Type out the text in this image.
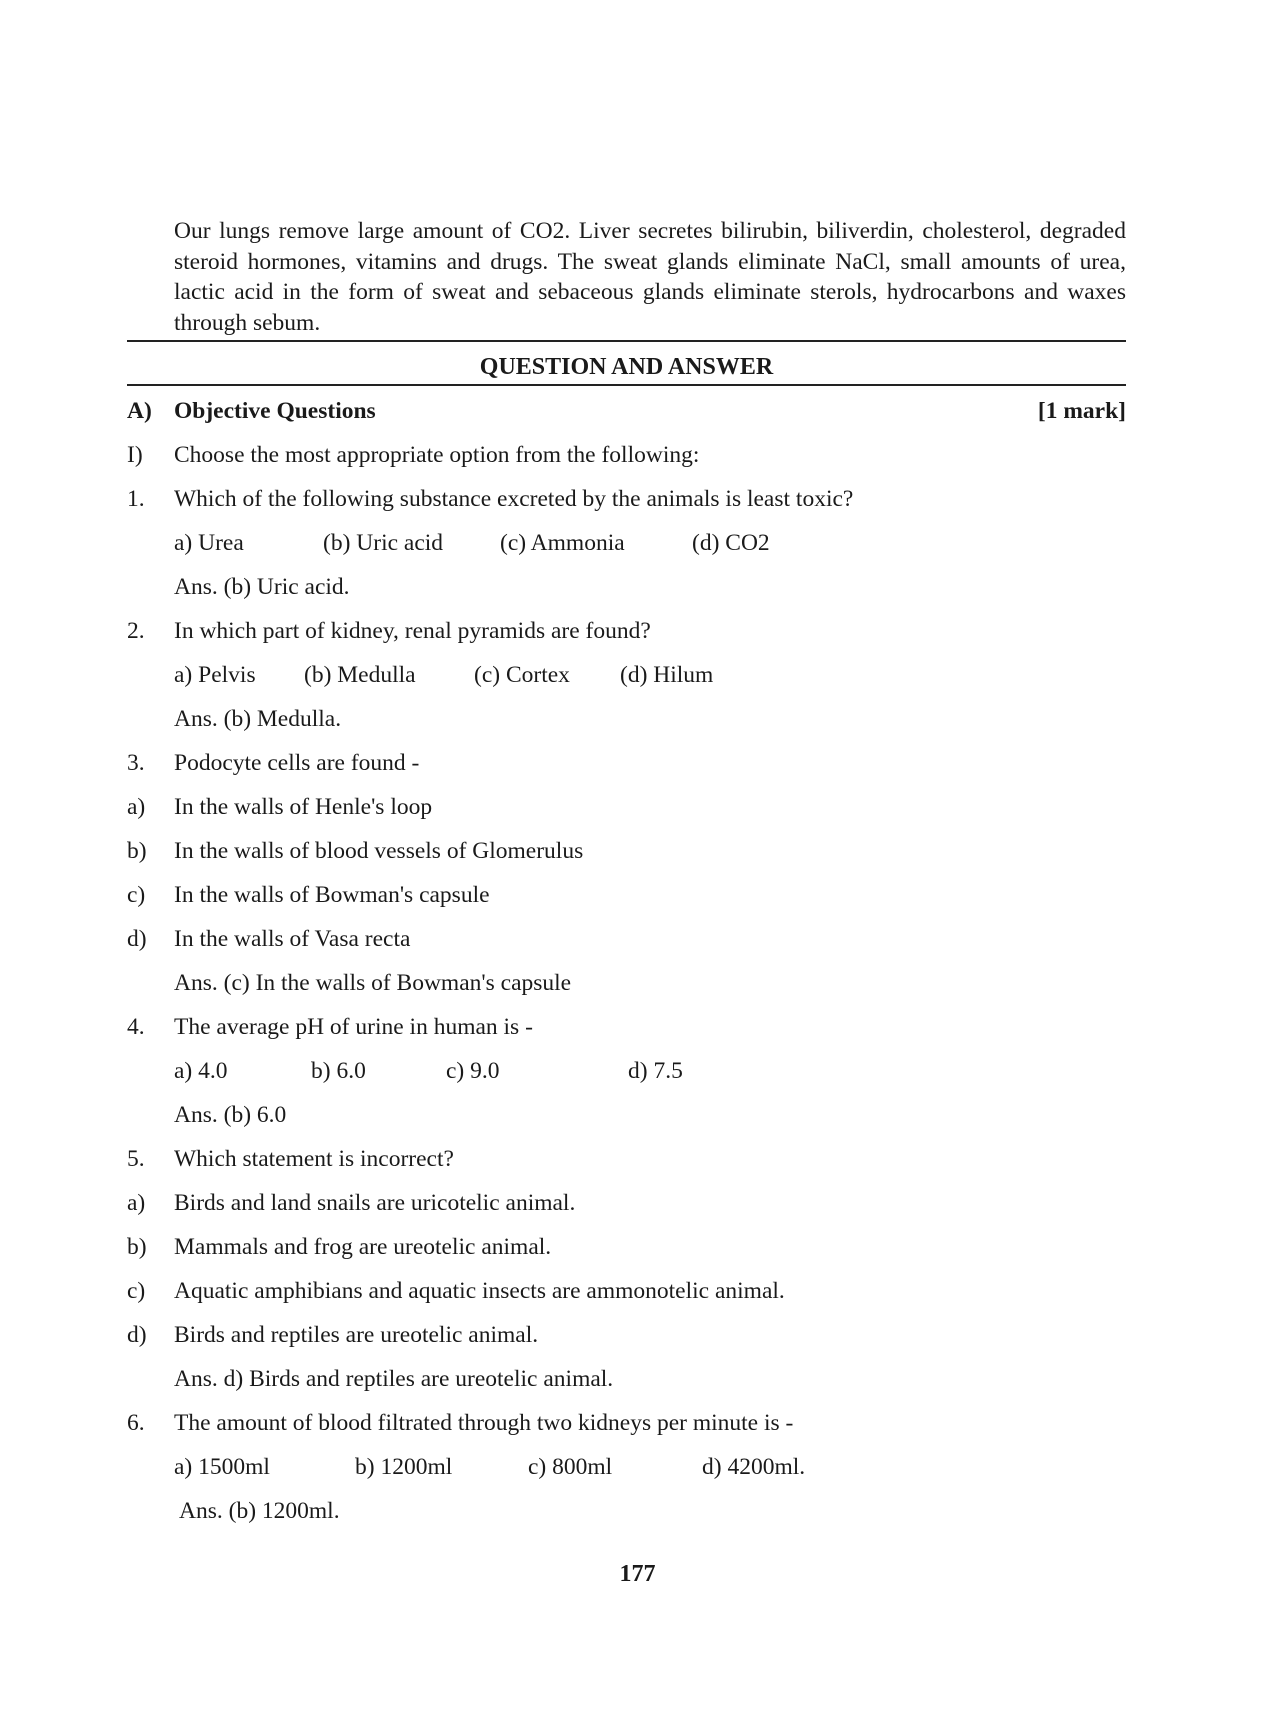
Our lungs remove large amount of CO2. Liver secretes bilirubin, biliverdin, cholesterol, degraded steroid hormones, vitamins and drugs. The sweat glands eliminate NaCl, small amounts of urea, lactic acid in the form of sweat and sebaceous glands eliminate sterols, hydrocarbons and waxes through sebum.

QUESTION AND ANSWER
A) Objective Questions	[1 mark]
I) Choose the most appropriate option from the following:
1. Which of the following substance excreted by the animals is least toxic?
a) Urea	(b) Uric acid (c) Ammonia	(d) CO2
Ans. (b) Uric acid.
2. In which part of kidney, renal pyramids are found?
a) Pelvis (b) Medulla (c) Cortex (d) Hilum
Ans. (b) Medulla.
3. Podocyte cells are found -
a) In the walls of Henle's loop
b) In the walls of blood vessels of Glomerulus
c) In the walls of Bowman's capsule
d) In the walls of Vasa recta
Ans. (c) In the walls of Bowman's capsule
4. The average pH of urine in human is -
a) 4.0	b) 6.0	c) 9.0	d) 7.5
Ans. (b) 6.0
5. Which statement is incorrect?
a) Birds and land snails are uricotelic animal.
b) Mammals and frog are ureotelic animal.
c) Aquatic amphibians and aquatic insects are ammonotelic animal.
d) Birds and reptiles are ureotelic animal.
Ans. d) Birds and reptiles are ureotelic animal.
6. The amount of blood filtrated through two kidneys per minute is -
a) 1500ml	b) 1200ml	c) 800ml	d) 4200ml.
Ans. (b) 1200ml.
177
